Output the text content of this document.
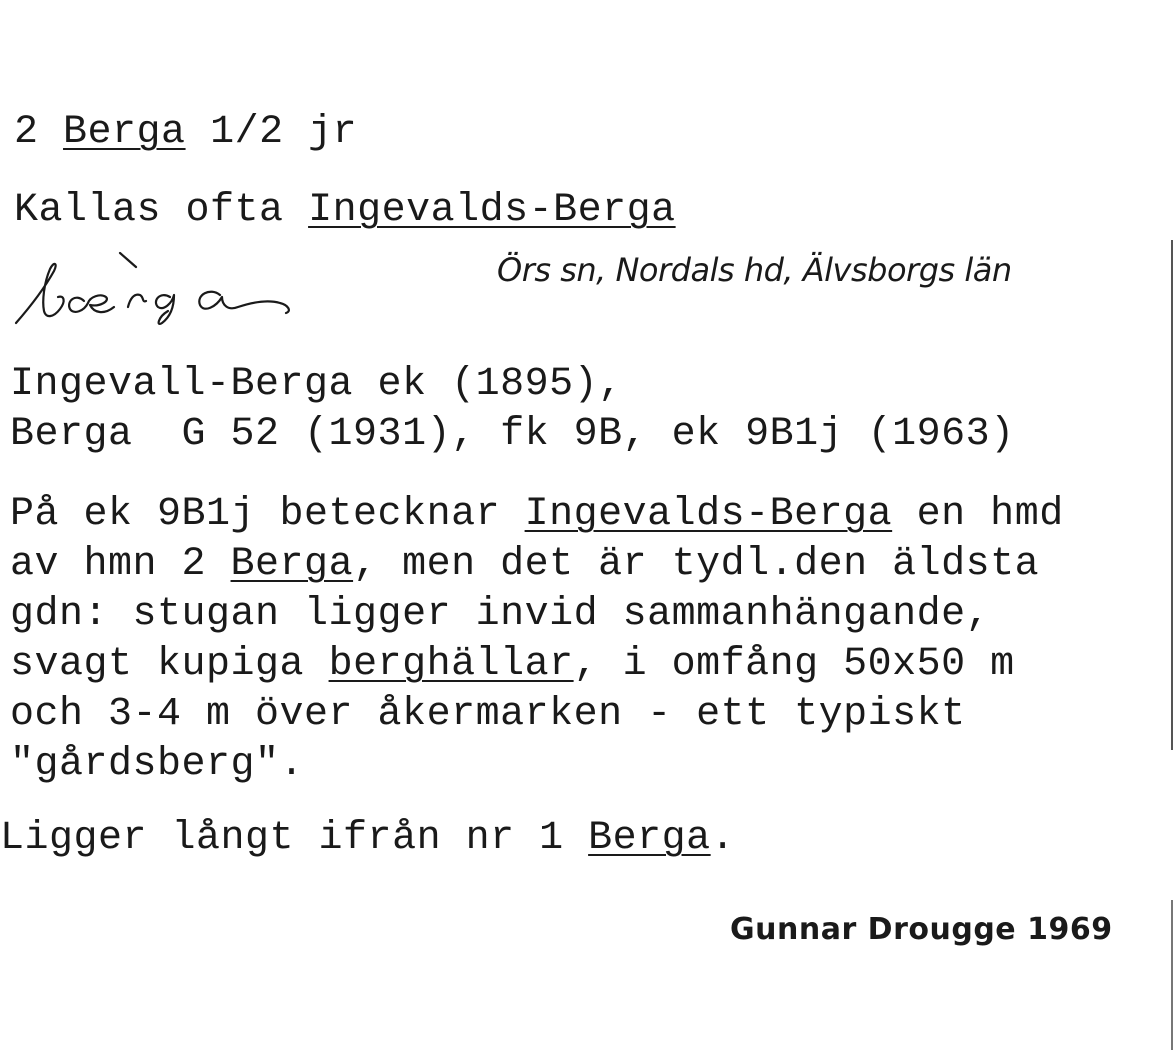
2 Berga 1/2 jr
Kallas ofta Ingevalds-Berga
Örs sn, Nordals hd, Älvsborgs län
Ingevall-Berga ek (1895),
Berga  G 52 (1931), fk 9B, ek 9B1j (1963)
På ek 9B1j betecknar Ingevalds-Berga en hmd
av hmn 2 Berga, men det är tydl.den äldsta
gdn: stugan ligger invid sammanhängande,
svagt kupiga berghällar, i omfång 50x50 m
och 3-4 m över åkermarken - ett typiskt
"gårdsberg".
Ligger långt ifrån nr 1 Berga.
Gunnar Drougge 1969
